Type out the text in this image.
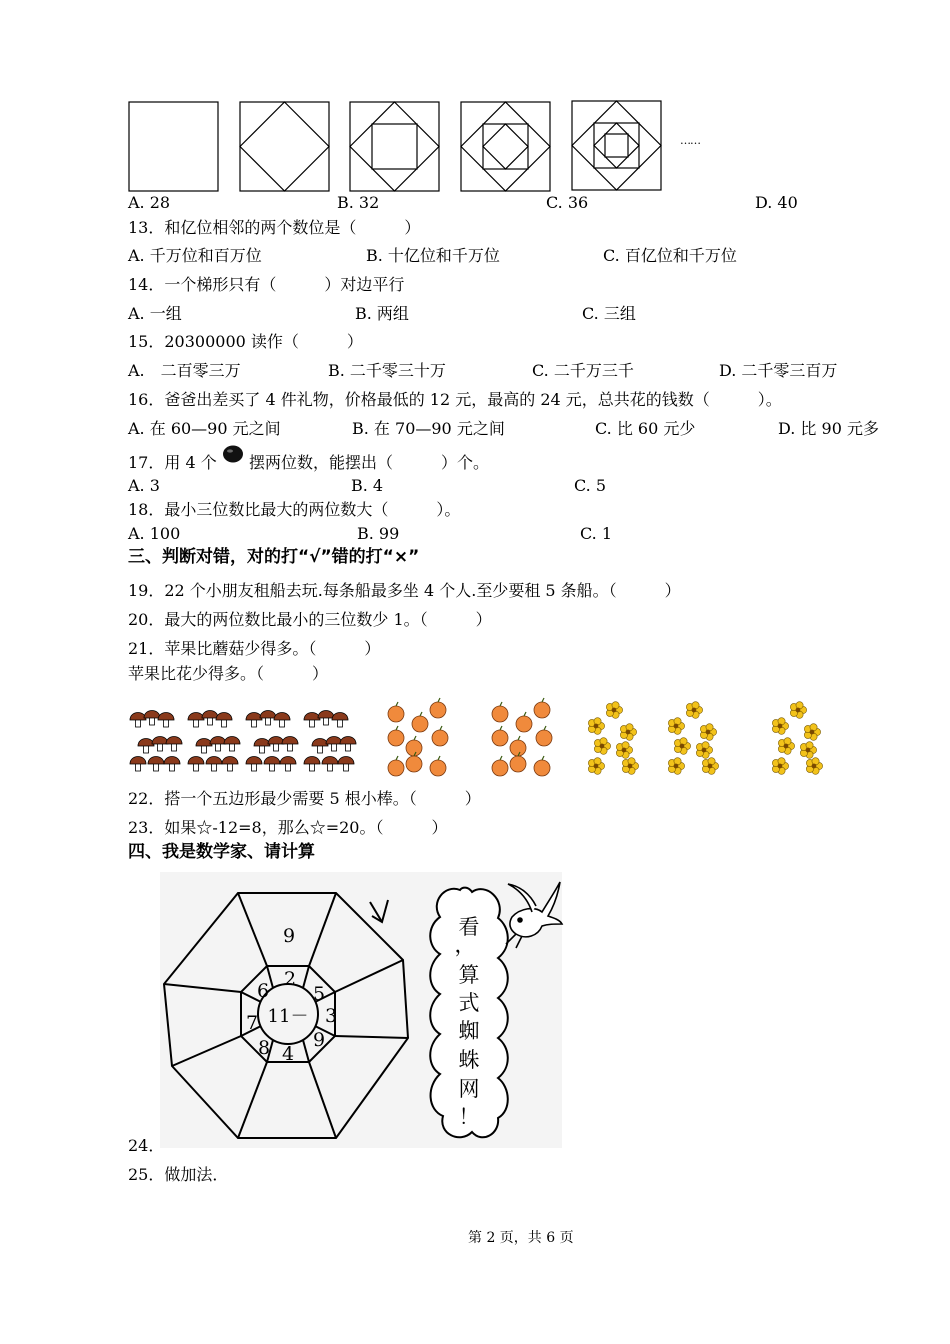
……
A. 28	B. 32	C. 36	D. 40
13．和亿位相邻的两个数位是（　　　）
A. 千万位和百万位	B. 十亿位和千万位	C. 百亿位和千万位
14．一个梯形只有（　　　）对边平行
A. 一组	B. 两组	C. 三组
15．20300000 读作（　　　）
A.　二百零三万	B. 二千零三十万	C. 二千万三千	D. 二千零三百万
16．爸爸出差买了 4 件礼物，价格最低的 12 元，最高的 24 元，总共花的钱数（　　　）。
A. 在 60—90 元之间	B. 在 70—90 元之间	C. 比 60 元少	D. 比 90 元多
17．用 4 个 摆两位数，能摆出（　　　）个。
A. 3	B. 4	C. 5
18．最小三位数比最大的两位数大（　　　）。
A. 100	B. 99	C. 1
三、判断对错，对的打“√”错的打“×”
19．22 个小朋友租船去玩.每条船最多坐 4 个人.至少要租 5 条船。（　　　）
20．最大的两位数比最小的三位数少 1。（　　　）
21．苹果比蘑菇少得多。（　　　）
苹果比花少得多。（　　　）
22．搭一个五边形最少需要 5 根小棒。（　　　）
23．如果☆-12=8，那么☆=20。（　　　）
四、我是数学家、请计算
9
11－
2
5
3
9
4
8
7
6
看
，
算
式
蜘
蛛
网
！
24．
25．做加法．
第 2 页，共 6 页
